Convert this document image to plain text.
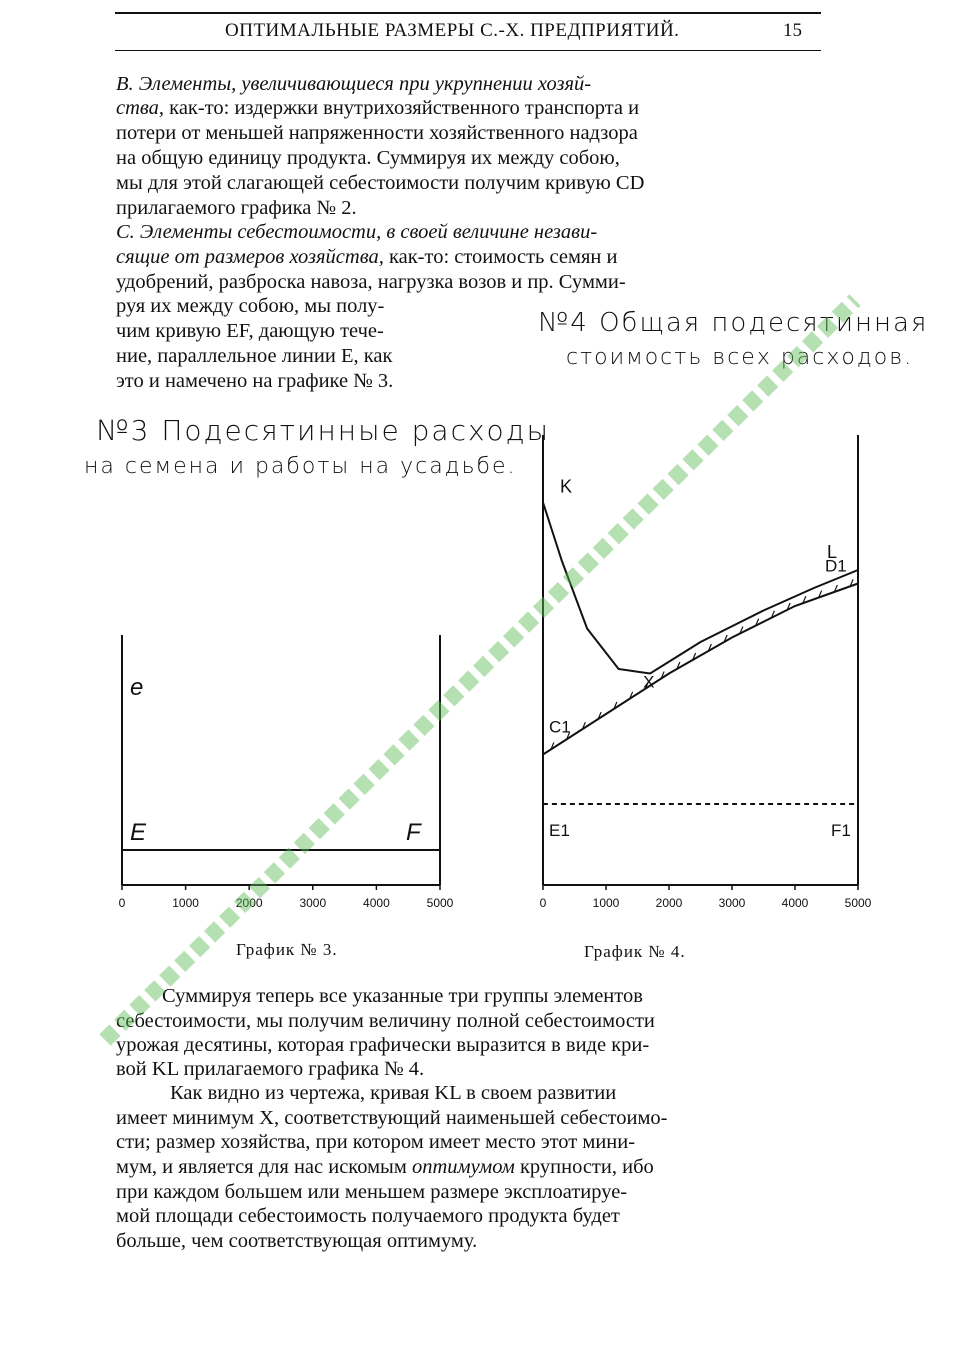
ОПТИМАЛЬНЫЕ РАЗМЕРЫ С.-Х. ПРЕДПРИЯТИЙ.	15
В. Элементы, увеличивающиеся при укрупнении хозяй-
ства, как-то: издержки внутрихозяйственного транспорта и
потери от меньшей напряженности хозяйственного надзора
на общую единицу продукта. Суммируя их между собою,
мы для этой слагающей себестоимости получим кривую CD
прилагаемого графика № 2.
С. Элементы себестоимости, в своей величине незави-
сящие от размеров хозяйства, как-то: стоимость семян и
удобрений, разброска навоза, нагрузка возов и пр. Сумми-
руя их между собою, мы полу-
чим кривую EF, дающую тече-
ние, параллельное линии E, как
это и намечено на графике № 3.
№4 Общая подесятинная
стоимость всех расходов.
№3 Подесятинные расходы
на семена и работы на усадьбе.
0	1000	2000	3000	4000	5000
e
E	F
0	1000	2000	3000	4000	5000
K
L
X
C1
D1
E1	F1
График № 3.	График № 4.
Суммируя теперь все указанные три группы элементов
себестоимости, мы получим величину полной себестоимости
урожая десятины, которая графически выразится в виде кри-
вой KL прилагаемого графика № 4.
Как видно из чертежа, кривая KL в своем развитии
имеет минимум X, соответствующий наименьшей себестоимо-
сти; размер хозяйства, при котором имеет место этот мини-
мум, и является для нас искомым оптимумом крупности, ибо
при каждом большем или меньшем размере эксплоатируе-
мой площади себестоимость получаемого продукта будет
больше, чем соответствующая оптимуму.
